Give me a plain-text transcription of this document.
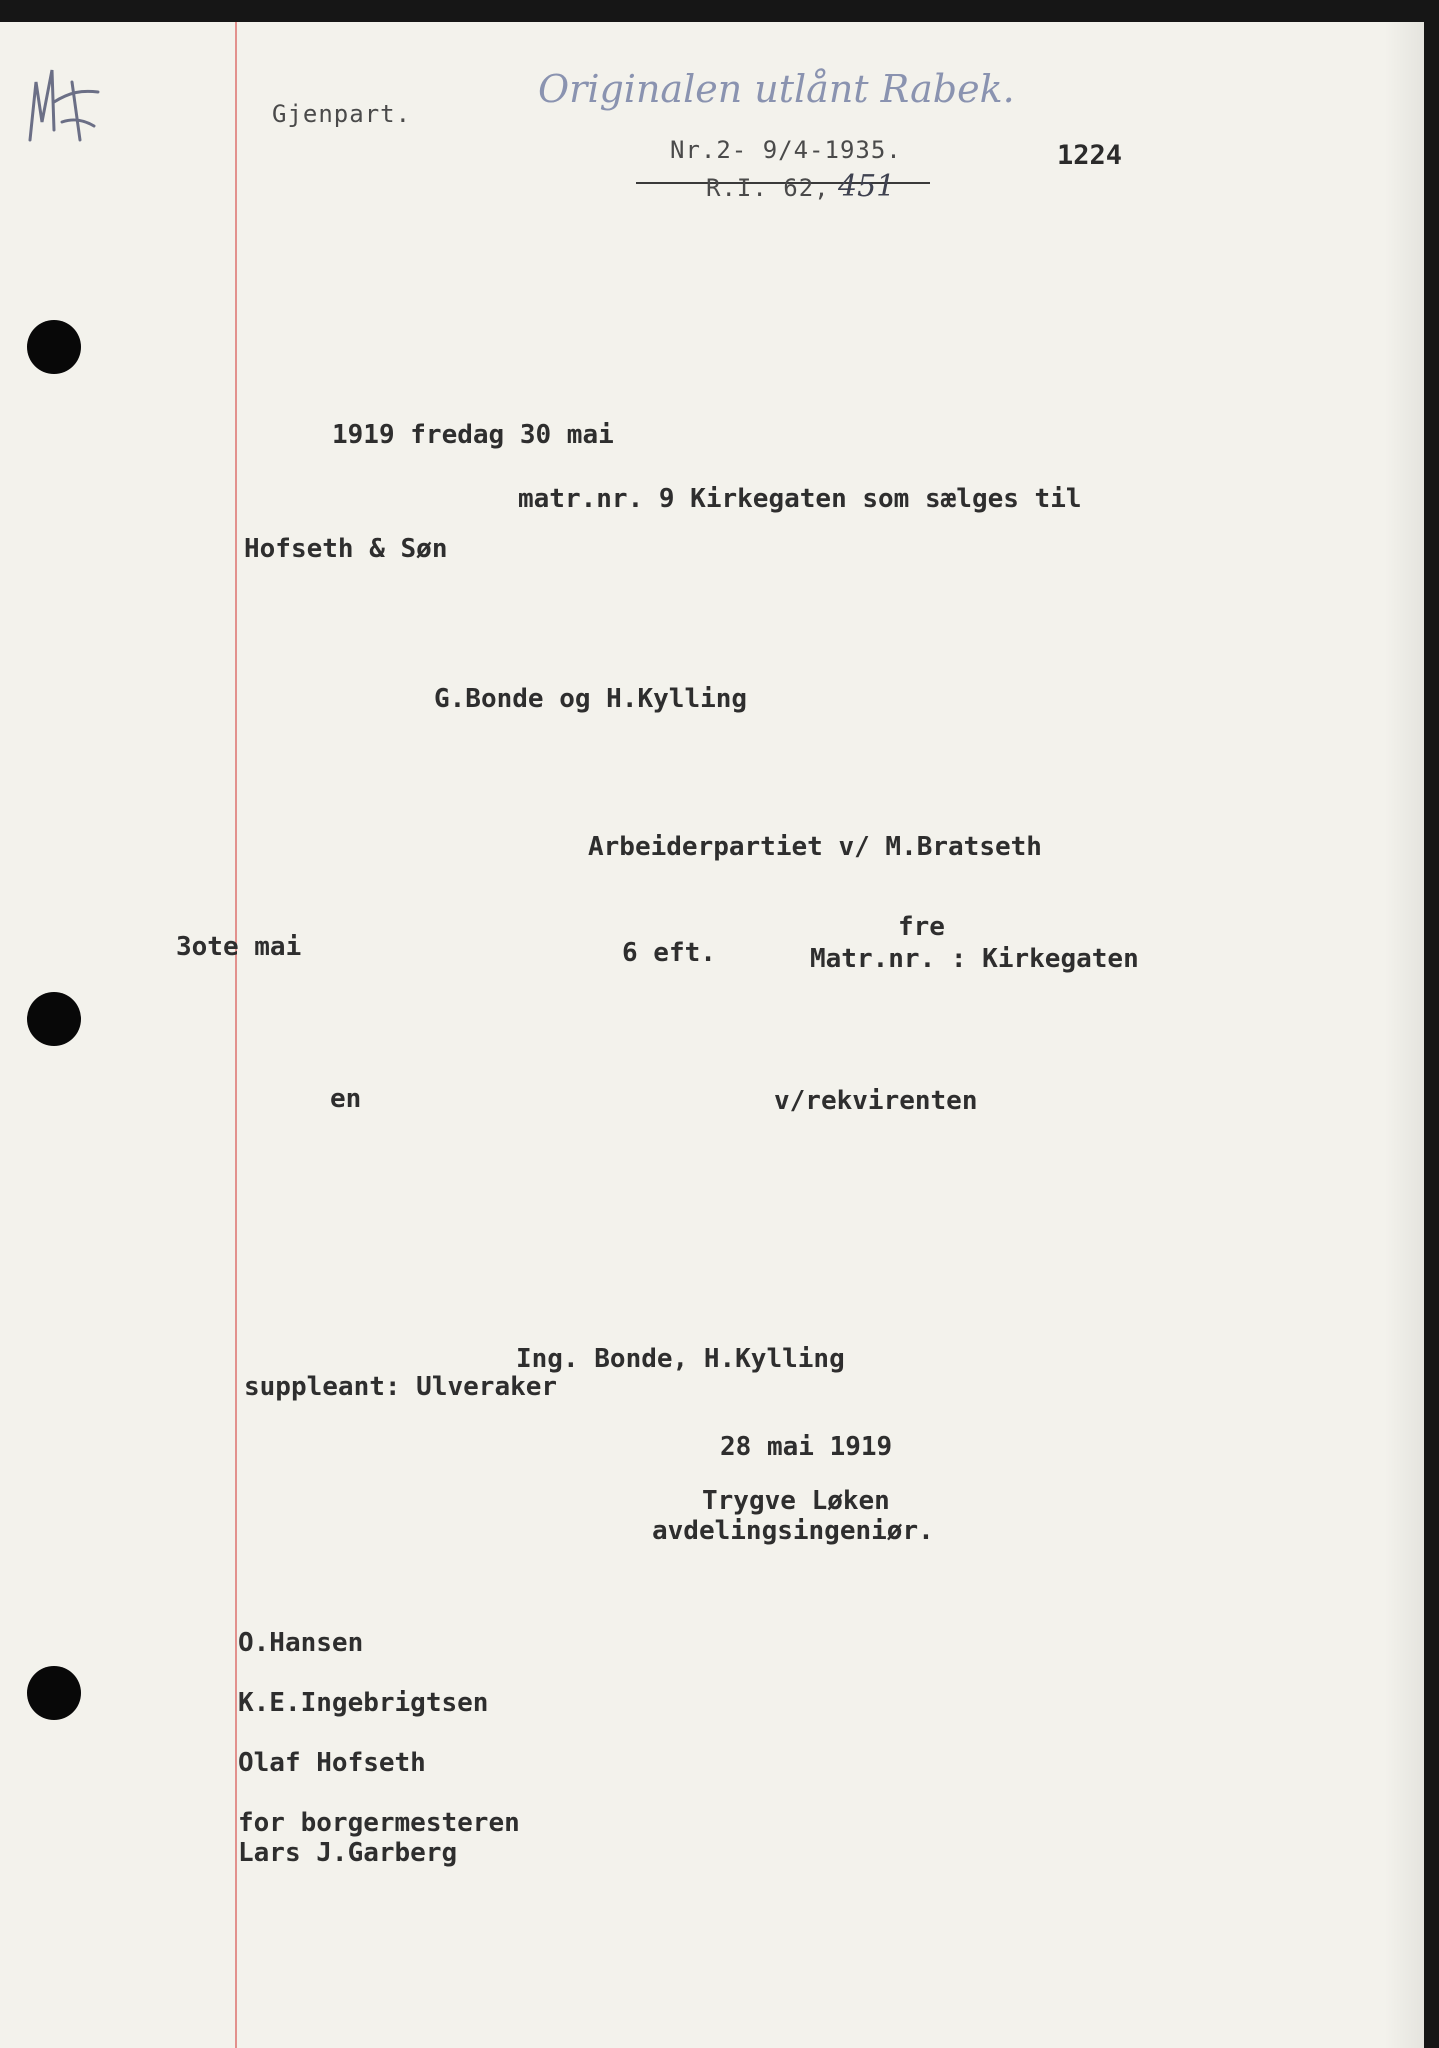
Gjenpart.
Originalen utlånt Rabek.
Nr.2- 9/4-1935.
R.I. 62, 451
1224
1919 fredag 30 mai
matr.nr. 9 Kirkegaten som sælges til
Hofseth & Søn
G.Bonde og H.Kylling
Arbeiderpartiet v/ M.Bratseth
fre
3ote mai	6 eft.	Matr.nr. : Kirkegaten
en	v/rekvirenten
Ing. Bonde, H.Kylling
suppleant: Ulveraker
28 mai 1919
Trygve Løken
avdelingsingeniør.
O.Hansen
K.E.Ingebrigtsen
Olaf Hofseth
for borgermesteren
Lars J.Garberg
